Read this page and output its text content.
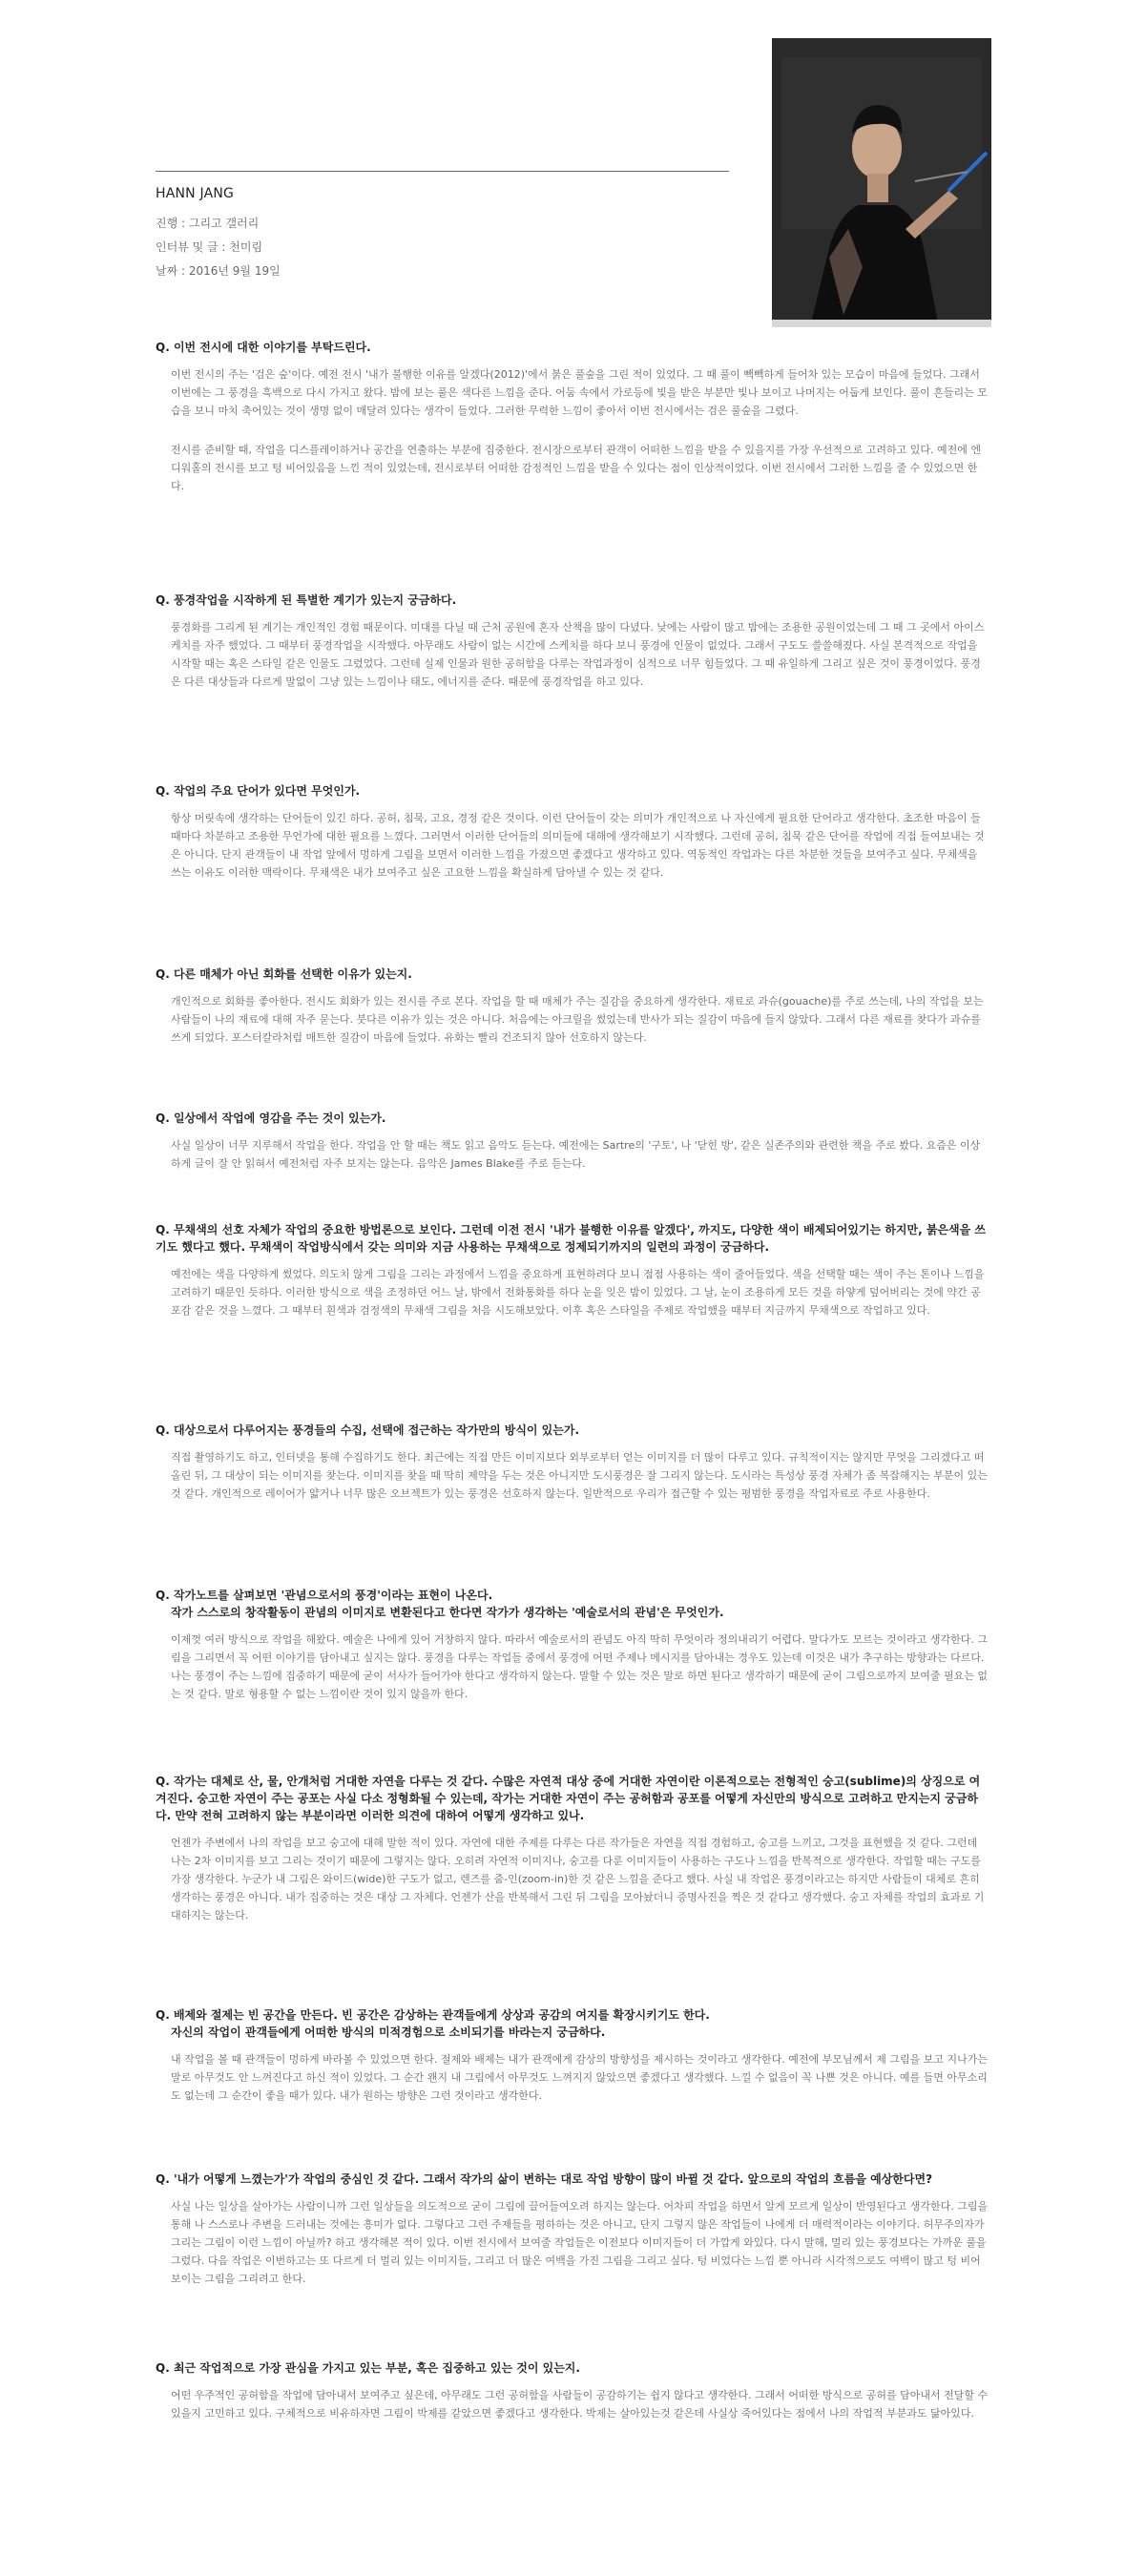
HANN JANG
진행 : 그리고 갤러리
인터뷰 및 글 : 천미림
날짜 : 2016년 9월 19일
Q. 이번 전시에 대한 이야기를 부탁드린다.
이번 전시의 주는 '검은 숲'이다. 예전 전시 '내가 불행한 이유를 알겠다(2012)'에서 붉은 풀숲을 그린 적이 있었다. 그 때 풀이 빽빽하게 들어차 있는 모습이 마음에 들었다. 그래서 이번에는 그 풍경을 흑백으로 다시 가지고 왔다. 밤에 보는 풀은 색다른 느낌을 준다. 어둠 속에서 가로등에 빛을 받은 부분만 빛나 보이고 나머지는 어둡게 보인다. 풀이 흔들리는 모습을 보니 마치 축어있는 것이 생명 없이 매달려 있다는 생각이 들었다. 그러한 무력한 느낌이 좋아서 이번 전시에서는 검은 풀숲을 그렸다.
전시를 준비할 때, 작업을 디스플레이하거나 공간을 연출하는 부분에 집중한다. 전시장으로부터 관객이 어떠한 느낌을 받을 수 있을지를 가장 우선적으로 고려하고 있다. 예전에 엔디워홀의 전시를 보고 텅 비어있음을 느낀 적이 있었는데, 전시로부터 어떠한 감정적인 느낌을 받을 수 있다는 점이 인상적이었다. 이번 전시에서 그러한 느낌을 줄 수 있었으면 한다.
Q. 풍경작업을 시작하게 된 특별한 계기가 있는지 궁금하다.
풍경화를 그리게 된 계기는 개인적인 경험 때문이다. 미대를 다닐 때 근처 공원에 혼자 산책을 많이 다녔다. 낮에는 사람이 많고 밤에는 조용한 공원이었는데 그 때 그 곳에서 아이스케치를 자주 했었다. 그 때부터 풍경작업을 시작했다. 아무래도 사람이 없는 시간에 스케치를 하다 보니 풍경에 인물이 없었다. 그래서 구도도 쓸쓸해졌다. 사실 본격적으로 작업을 시작할 때는 혹은 스타일 같은 인물도 그렸었다. 그런데 실제 인물과 원한 공허함을 다루는 작업과정이 심적으로 너무 힘들었다. 그 때 유일하게 그리고 싶은 것이 풍경이었다. 풍경은 다른 대상들과 다르게 말없이 그냥 있는 느낌이나 태도, 에너지를 준다. 때문에 풍경작업을 하고 있다.
Q. 작업의 주요 단어가 있다면 무엇인가.
항상 머릿속에 생각하는 단어들이 있긴 하다. 공허, 침묵, 고요, 경정 같은 것이다. 이런 단어들이 갖는 의미가 개인적으로 나 자신에게 필요한 단어라고 생각한다. 초조한 마음이 들 때마다 차분하고 조용한 무언가에 대한 필요를 느꼈다. 그러면서 이러한 단어들의 의미들에 대해에 생각해보기 시작했다. 그런데 공허, 침묵 같은 단어를 작업에 직접 들여보내는 것은 아니다. 단지 관객들이 내 작업 앞에서 멍하게 그림을 보면서 이러한 느낌을 가졌으면 좋겠다고 생각하고 있다. 역동적인 작업과는 다른 차분한 것들을 보여주고 싶다. 무채색을 쓰는 이유도 이러한 맥락이다. 무채색은 내가 보여주고 싶은 고요한 느낌을 확실하게 담아낼 수 있는 것 같다.
Q. 다른 매체가 아닌 회화를 선택한 이유가 있는지.
개인적으로 회화를 좋아한다. 전시도 회화가 있는 전시를 주로 본다. 작업을 할 때 매체가 주는 질감을 중요하게 생각한다. 재료로 과슈(gouache)를 주로 쓰는데, 나의 작업을 보는 사람들이 나의 재료에 대해 자주 묻는다. 붓다른 이유가 있는 것은 아니다. 처음에는 아크릴을 썼었는데 반사가 되는 질감이 마음에 들지 않았다. 그래서 다른 재료를 찾다가 과슈를 쓰게 되었다. 포스터칼라처럼 매트한 질감이 마음에 들었다. 유화는 빨리 건조되지 않아 선호하지 않는다.
Q. 일상에서 작업에 영감을 주는 것이 있는가.
사실 일상이 너무 지루해서 작업을 한다. 작업을 안 할 때는 책도 읽고 음악도 듣는다. 예전에는 Sartre의 '구토', 나 '닫힌 방', 같은 실존주의와 관련한 책을 주로 봤다. 요즘은 이상하게 글이 잘 안 읽혀서 예전처럼 자주 보지는 않는다. 음악은 James Blake를 주로 듣는다.
Q. 무채색의 선호 자체가 작업의 중요한 방법론으로 보인다. 그런데 이전 전시 '내가 불행한 이유를 알겠다', 까지도, 다양한 색이 배제되어있기는 하지만, 붉은색을 쓰기도 했다고 했다. 무채색이 작업방식에서 갖는 의미와 지금 사용하는 무채색으로 정제되기까지의 일련의 과정이 궁금하다.
예전에는 색을 다양하게 썼었다. 의도치 않게 그림을 그리는 과정에서 느낌을 중요하게 표현하려다 보니 점점 사용하는 색이 줄어들었다. 색을 선택할 때는 색이 주는 톤이나 느낌을 고려하기 때문인 듯하다. 이러한 방식으로 색을 조정하던 어느 날, 밖에서 전화통화를 하다 눈을 잊은 밤이 있었다. 그 날, 눈이 조용하게 모든 것을 하얗게 덮어버리는 것에 약간 공포감 같은 것을 느꼈다. 그 때부터 흰색과 검정색의 무채색 그림을 처음 시도해보았다. 이후 혹은 스타일을 주제로 작업했을 때부터 지금까지 무채색으로 작업하고 있다.
Q. 대상으로서 다루어지는 풍경들의 수집, 선택에 접근하는 작가만의 방식이 있는가.
직접 촬영하기도 하고, 인터넷을 통해 수집하기도 한다. 최근에는 직접 만든 이미지보다 외부로부터 얻는 이미지를 더 많이 다루고 있다. 규칙적이지는 않지만 무엇을 그리겠다고 떠올린 뒤, 그 대상이 되는 이미지를 찾는다. 이미지를 찾을 때 딱히 제약을 두는 것은 아니지만 도시풍경은 잘 그리지 않는다. 도시라는 특성상 풍경 자체가 좀 복잡해지는 부분이 있는 것 같다. 개인적으로 레이어가 얇거나 너무 많은 오브젝트가 있는 풍경은 선호하지 않는다. 일반적으로 우리가 접근할 수 있는 평범한 풍경을 작업자료로 주로 사용한다.
Q. 작가노트를 살펴보면 '관념으로서의 풍경'이라는 표현이 나온다.
작가 스스로의 창작활동이 관념의 이미지로 변환된다고 한다면 작가가 생각하는 '예술로서의 관념'은 무엇인가.
이제껏 여러 방식으로 작업을 해왔다. 예술은 나에게 있어 거창하지 않다. 따라서 예술로서의 관념도 아직 딱히 무엇이라 정의내리기 어렵다. 말다가도 모르는 것이라고 생각한다. 그림을 그리면서 꼭 어떤 이야기를 담아내고 싶지는 않다. 풍경을 다루는 작업들 중에서 풍경에 어떤 주제나 메시지를 담아내는 경우도 있는데 이것은 내가 추구하는 방향과는 다르다. 나는 풍경이 주는 느낌에 집중하기 때문에 굳이 서사가 들어가야 한다고 생각하지 않는다. 말할 수 있는 것은 말로 하면 된다고 생각하기 때문에 굳이 그림으로까지 보여줄 필요는 없는 것 같다. 말로 형용할 수 없는 느낌이란 것이 있지 않을까 한다.
Q. 작가는 대체로 산, 물, 안개처럼 거대한 자연을 다루는 것 같다. 수많은 자연적 대상 중에 거대한 자연이란 이론적으로는 전형적인 숭고(sublime)의 상징으로 여겨진다. 숭고한 자연이 주는 공포는 사실 다소 정형화될 수 있는데, 작가는 거대한 자연이 주는 공허함과 공포를 어떻게 자신만의 방식으로 고려하고 만지는지 궁금하다. 만약 전혀 고려하지 않는 부분이라면 이러한 의견에 대하여 어떻게 생각하고 있나.
언젠가 주변에서 나의 작업을 보고 숭고에 대해 말한 적이 있다. 자연에 대한 주제를 다루는 다른 작가들은 자연을 직접 경험하고, 숭고를 느끼고, 그것을 표현했을 것 같다. 그런데 나는 2차 이미지를 보고 그리는 것이기 때문에 그렇지는 않다. 오히려 자연적 이미지나, 숭고를 다룬 이미지들이 사용하는 구도나 느낌을 반복적으로 생각한다. 작업할 때는 구도를 가장 생각한다. 누군가 내 그림은 와이드(wide)한 구도가 없고, 렌즈를 줌-인(zoom-in)한 것 같은 느낌을 준다고 했다. 사실 내 작업은 풍경이라고는 하지만 사람들이 대체로 흔히 생각하는 풍경은 아니다. 내가 집중하는 것은 대상 그 자체다. 언젠가 산을 반복해서 그린 뒤 그림을 모아놨더니 증명사진을 찍은 것 같다고 생각했다. 숭고 자체를 작업의 효과로 기대하지는 않는다.
Q. 배제와 절제는 빈 공간을 만든다. 빈 공간은 감상하는 관객들에게 상상과 공감의 여지를 확장시키기도 한다.
자신의 작업이 관객들에게 어떠한 방식의 미적경험으로 소비되기를 바라는지 궁금하다.
내 작업을 볼 때 관객들이 멍하게 바라볼 수 있었으면 한다. 절제와 배제는 내가 관객에게 감상의 방향성을 제시하는 것이라고 생각한다. 예전에 부모님께서 제 그림을 보고 지나가는 말로 아무것도 안 느껴진다고 하신 적이 있었다. 그 순간 왠지 내 그림에서 아무것도 느껴지지 않았으면 좋겠다고 생각했다. 느낄 수 없음이 꼭 나쁜 것은 아니다. 예를 들면 아무소리도 없는데 그 순간이 좋을 때가 있다. 내가 원하는 방향은 그런 것이라고 생각한다.
Q. '내가 어떻게 느꼈는가'가 작업의 중심인 것 같다. 그래서 작가의 삶이 변하는 대로 작업 방향이 많이 바뀔 것 같다. 앞으로의 작업의 흐름을 예상한다면?
사실 나는 일상을 살아가는 사람이니까 그런 일상들을 의도적으로 굳이 그림에 끌어들여오려 하지는 않는다. 어차피 작업을 하면서 알게 모르게 일상이 반영된다고 생각한다. 그림을 통해 나 스스로나 주변을 드러내는 것에는 흥미가 없다. 그렇다고 그런 주제들을 평하하는 것은 아니고, 단지 그렇지 않은 작업들이 나에게 더 매력적이라는 이야기다. 허무주의자가 그리는 그림이 이런 느낌이 아닐까? 하고 생각해본 적이 있다. 이번 전시에서 보여줄 작업들은 이전보다 이미지들이 더 가깝게 와있다. 다시 말해, 멀리 있는 풍경보다는 가까운 풀을 그렸다. 다음 작업은 이번하고는 또 다르게 더 멀리 있는 이미지들, 그리고 더 많은 여백을 가진 그림을 그리고 싶다. 텅 비었다는 느낌 뿐 아니라 시각적으로도 여백이 많고 텅 비어보이는 그림을 그리려고 한다.
Q. 최근 작업적으로 가장 관심을 가지고 있는 부분, 혹은 집중하고 있는 것이 있는지.
어떤 우주적인 공허함을 작업에 담아내서 보여주고 싶은데, 아무래도 그런 공허함을 사람들이 공감하기는 쉽지 않다고 생각한다. 그래서 어떠한 방식으로 공허를 담아내서 전달할 수 있을지 고민하고 있다. 구체적으로 비유하자면 그림이 박제를 같았으면 좋겠다고 생각한다. 박제는 살아있는것 같은데 사실상 죽어있다는 점에서 나의 작업적 부분과도 닮아있다.
